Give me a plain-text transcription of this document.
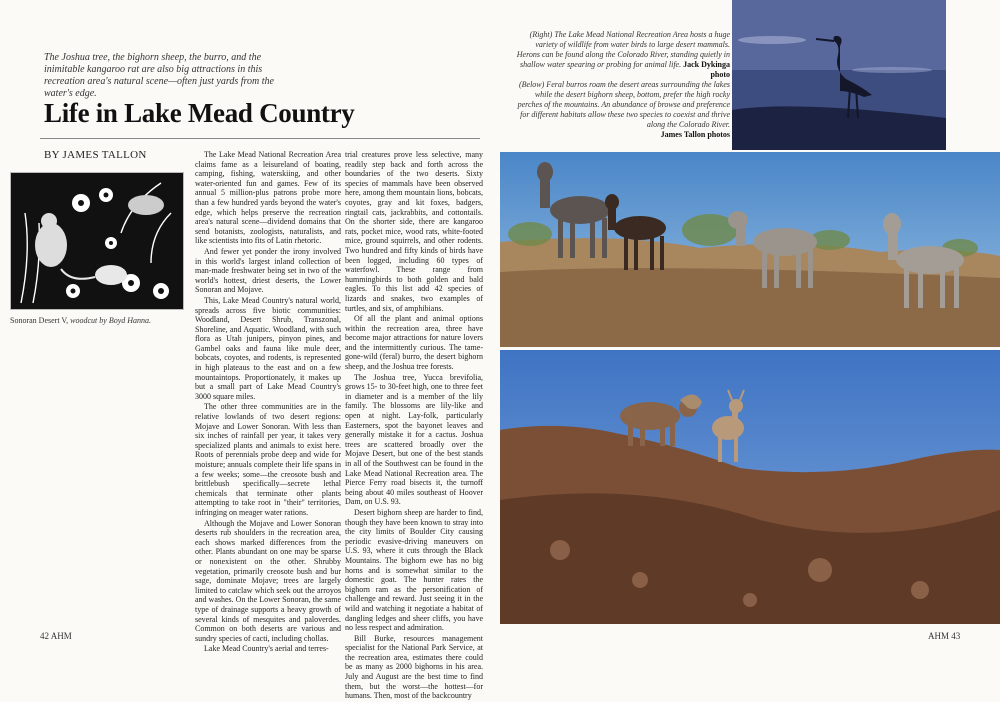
The Joshua tree, the bighorn sheep, the burro, and the inimitable kangaroo rat are also big attractions in this recreation area's natural scene—often just yards from the water's edge.
Life in Lake Mead Country
BY JAMES TALLON
Sonoran Desert V, woodcut by Boyd Hanna.

The Lake Mead National Recreation Area claims fame as a leisureland of boating, camping, fishing, waterskiing, and other water-oriented fun and games. Few of its annual 5 million-plus patrons probe more than a few hundred yards beyond the water's edge, which helps preserve the recreation area's natural scene—dividend domains that send botanists, zoologists, naturalists, and like scientists into fits of Latin rhetoric.

And fewer yet ponder the irony involved in this world's largest inland collection of man-made freshwater being set in two of the world's hottest, driest deserts, the Lower Sonoran and Mojave.

This, Lake Mead Country's natural world, spreads across five biotic communities: Woodland, Desert Shrub, Transzonal, Shoreline, and Aquatic. Woodland, with such flora as Utah junipers, pinyon pines, and Gambel oaks and fauna like mule deer, bobcats, coyotes, and rodents, is represented in high plateaus to the east and on a few mountaintops. Proportionately, it makes up but a small part of Lake Mead Country's 3000 square miles.

The other three communities are in the relative lowlands of two desert regions: Mojave and Lower Sonoran. With less than six inches of rainfall per year, it takes very specialized plants and animals to exist here. Roots of perennials probe deep and wide for moisture; annuals complete their life spans in a few weeks; some—the creosote bush and brittlebush specifically—secrete lethal chemicals that terminate other plants attempting to take root in "their" territories, infringing on meager water rations.

Although the Mojave and Lower Sonoran deserts rub shoulders in the recreation area, each shows marked differences from the other. Plants abundant on one may be sparse or nonexistent on the other. Shrubby vegetation, primarily creosote bush and bur sage, dominate Mojave; trees are largely limited to catclaw which seek out the arroyos and washes. On the Lower Sonoran, the same type of drainage supports a heavy growth of several kinds of mesquites and paloverdes. Common on both deserts are various and sundry species of cacti, including chollas.

Lake Mead Country's aerial and terres-

trial creatures prove less selective, many readily step back and forth across the boundaries of the two deserts. Sixty species of mammals have been observed here, among them mountain lions, bobcats, coyotes, gray and kit foxes, badgers, ringtail cats, jackrabbits, and cottontails. On the shorter side, there are kangaroo rats, pocket mice, wood rats, white-footed mice, ground squirrels, and other rodents. Two hundred and fifty kinds of birds have been logged, including 60 types of waterfowl. These range from hummingbirds to both golden and bald eagles. To this list add 42 species of lizards and snakes, two examples of turtles, and six, of amphibians.

Of all the plant and animal options within the recreation area, three have become major attractions for nature lovers and the intermittently curious. The tame-gone-wild (feral) burro, the desert bighorn sheep, and the Joshua tree forests.

The Joshua tree, Yucca brevifolia, grows 15- to 30-feet high, one to three feet in diameter and is a member of the lily family. The blossoms are lily-like and open at night. Lay-folk, particularly Easterners, spot the bayonet leaves and generally mistake it for a cactus. Joshua trees are scattered broadly over the Mojave Desert, but one of the best stands in all of the Southwest can be found in the Lake Mead National Recreation area. The Pierce Ferry road bisects it, the turnoff being about 40 miles southeast of Hoover Dam, on U.S. 93.

Desert bighorn sheep are harder to find, though they have been known to stray into the city limits of Boulder City causing periodic evasive-driving maneuvers on U.S. 93, where it cuts through the Black Mountains. The bighorn ewe has no big horns and is somewhat similar to the domestic goat. The hunter rates the bighorn ram as the personification of challenge and reward. Just seeing it in the wild and watching it negotiate a habitat of dangling ledges and sheer cliffs, you have no less respect and admiration.

Bill Burke, resources management specialist for the National Park Service, at the recreation area, estimates there could be as many as 2000 bighorns in his area. July and August are the best time to find them, but the worst—the hottest—for humans. Then, most of the backcountry

(Right) The Lake Mead National Recreation Area hosts a huge variety of wildlife from water birds to large desert mammals. Herons can be found along the Colorado River, standing quietly in shallow water spearing or probing for animal life. Jack Dykinga photo
(Below) Feral burros roam the desert areas surrounding the lakes while the desert bighorn sheep, bottom, prefer the high rocky perches of the mountains. An abundance of browse and preference for different habitats allow these two species to coexist and thrive along the Colorado River.
James Tallon photos
42 AHM	AHM 43
